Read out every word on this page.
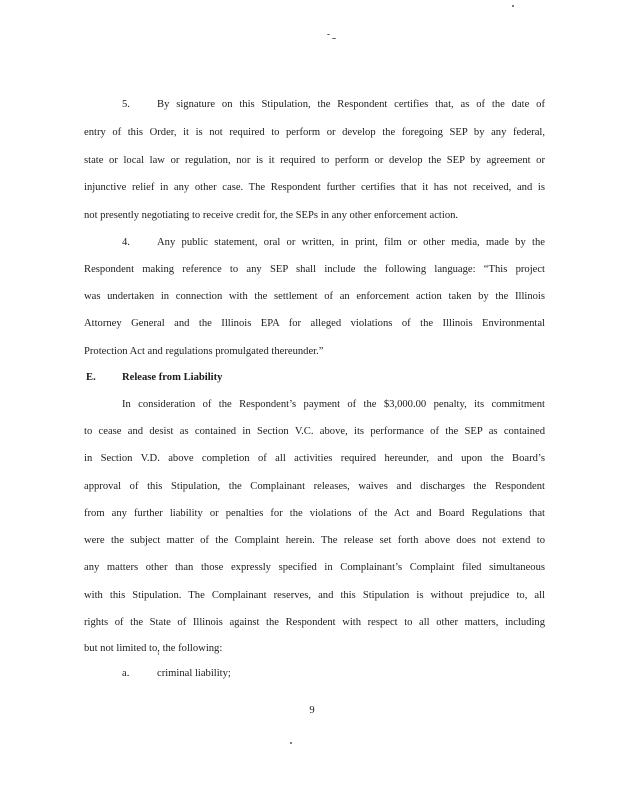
5.	By signature on this Stipulation, the Respondent certifies that, as of the date of
entry of this Order, it is not required to perform or develop the foregoing SEP by any federal,
state or local law or regulation, nor is it required to perform or develop the SEP by agreement or
injunctive relief in any other case. The Respondent further certifies that it has not received, and is
not presently negotiating to receive credit for, the SEPs in any other enforcement action.
4.	Any public statement, oral or written, in print, film or other media, made by the
Respondent making reference to any SEP shall include the following language: “This project
was undertaken in connection with the settlement of an enforcement action taken by the Illinois
Attorney General and the Illinois EPA for alleged violations of the Illinois Environmental
Protection Act and regulations promulgated thereunder.”
E. Release from Liability
In consideration of the Respondent’s payment of the $3,000.00 penalty, its commitment
to cease and desist as contained in Section V.C. above, its performance of the SEP as contained
in Section V.D. above completion of all activities required hereunder, and upon the Board’s
approval of this Stipulation, the Complainant releases, waives and discharges the Respondent
from any further liability or penalties for the violations of the Act and Board Regulations that
were the subject matter of the Complaint herein. The release set forth above does not extend to
any matters other than those expressly specified in Complainant’s Complaint filed simultaneous
with this Stipulation. The Complainant reserves, and this Stipulation is without prejudice to, all
rights of the State of Illinois against the Respondent with respect to all other matters, including
but not limited to, the following:
a.	criminal liability;
9
